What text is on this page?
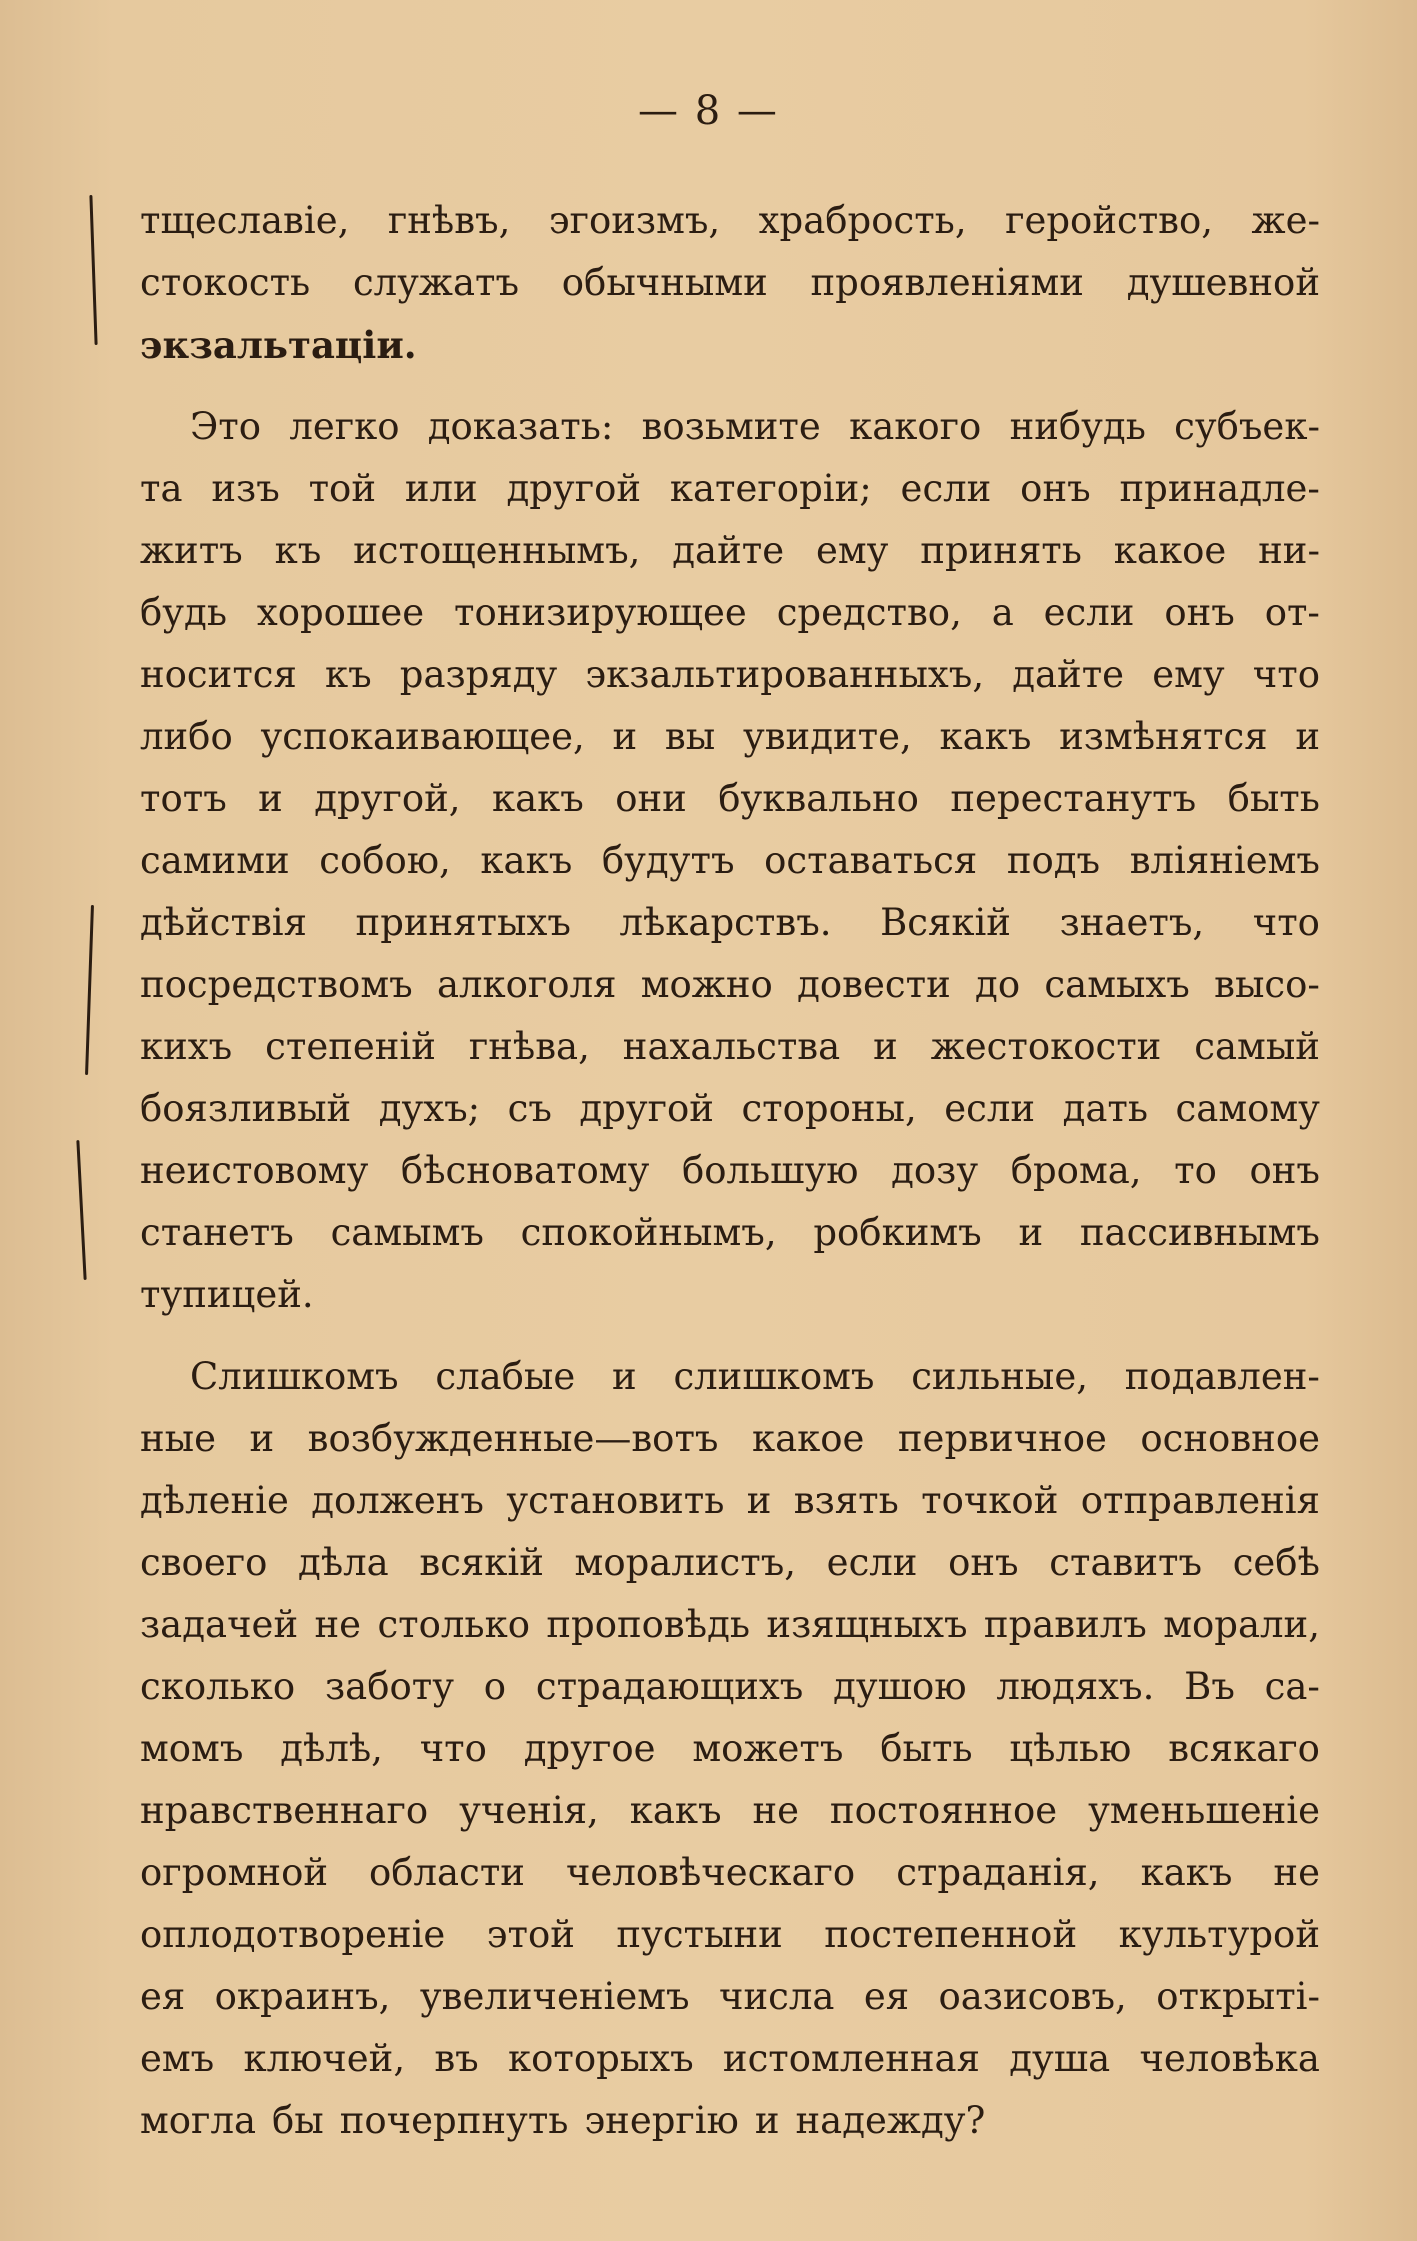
— 8 —
тщеславіе, гнѣвъ, эгоизмъ, храбрость, геройство, же-
стокость служатъ обычными проявленіями душевной
экзальтаціи.
Это легко доказать: возьмите какого нибудь субъек-
та изъ той или другой категоріи; если онъ принадле-
житъ къ истощеннымъ, дайте ему принять какое ни-
будь хорошее тонизирующее средство, а если онъ от-
носится къ разряду экзальтированныхъ, дайте ему что
либо успокаивающее, и вы увидите, какъ измѣнятся и
тотъ и другой, какъ они буквально перестанутъ быть
самими собою, какъ будутъ оставаться подъ вліяніемъ
дѣйствія принятыхъ лѣкарствъ. Всякій знаетъ, что
посредствомъ алкоголя можно довести до самыхъ высо-
кихъ степеній гнѣва, нахальства и жестокости самый
боязливый духъ; съ другой стороны, если дать самому
неистовому бѣсноватому большую дозу брома, то онъ
станетъ самымъ спокойнымъ, робкимъ и пассивнымъ
тупицей.
Слишкомъ слабые и слишкомъ сильные, подавлен-
ные и возбужденные—вотъ какое первичное основное
дѣленіе долженъ установить и взять точкой отправленія
своего дѣла всякій моралистъ, если онъ ставитъ себѣ
задачей не столько проповѣдь изящныхъ правилъ морали,
сколько заботу о страдающихъ душою людяхъ. Въ са-
момъ дѣлѣ, что другое можетъ быть цѣлью всякаго
нравственнаго ученія, какъ не постоянное уменьшеніе
огромной области человѣческаго страданія, какъ не
оплодотвореніе этой пустыни постепенной культурой
ея окраинъ, увеличеніемъ числа ея оазисовъ, открыті-
емъ ключей, въ которыхъ истомленная душа человѣка
могла бы почерпнуть энергію и надежду?
